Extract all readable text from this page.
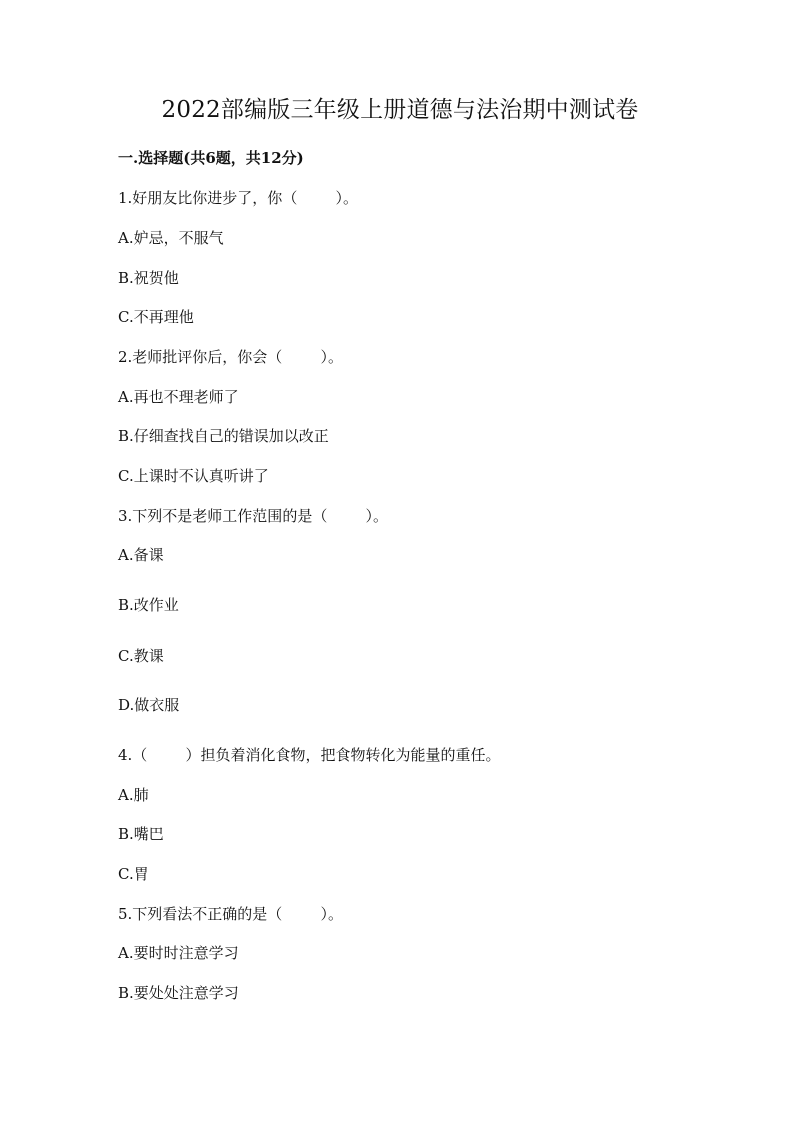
2022部编版三年级上册道德与法治期中测试卷
一.选择题(共6题，共12分)
1.好朋友比你进步了，你（        ）。
A.妒忌，不服气
B.祝贺他
C.不再理他
2.老师批评你后，你会（        ）。
A.再也不理老师了
B.仔细查找自己的错误加以改正
C.上课时不认真听讲了
3.下列不是老师工作范围的是（        ）。
A.备课
B.改作业
C.教课
D.做衣服
4.（        ）担负着消化食物，把食物转化为能量的重任。
A.肺
B.嘴巴
C.胃
5.下列看法不正确的是（        ）。
A.要时时注意学习
B.要处处注意学习
